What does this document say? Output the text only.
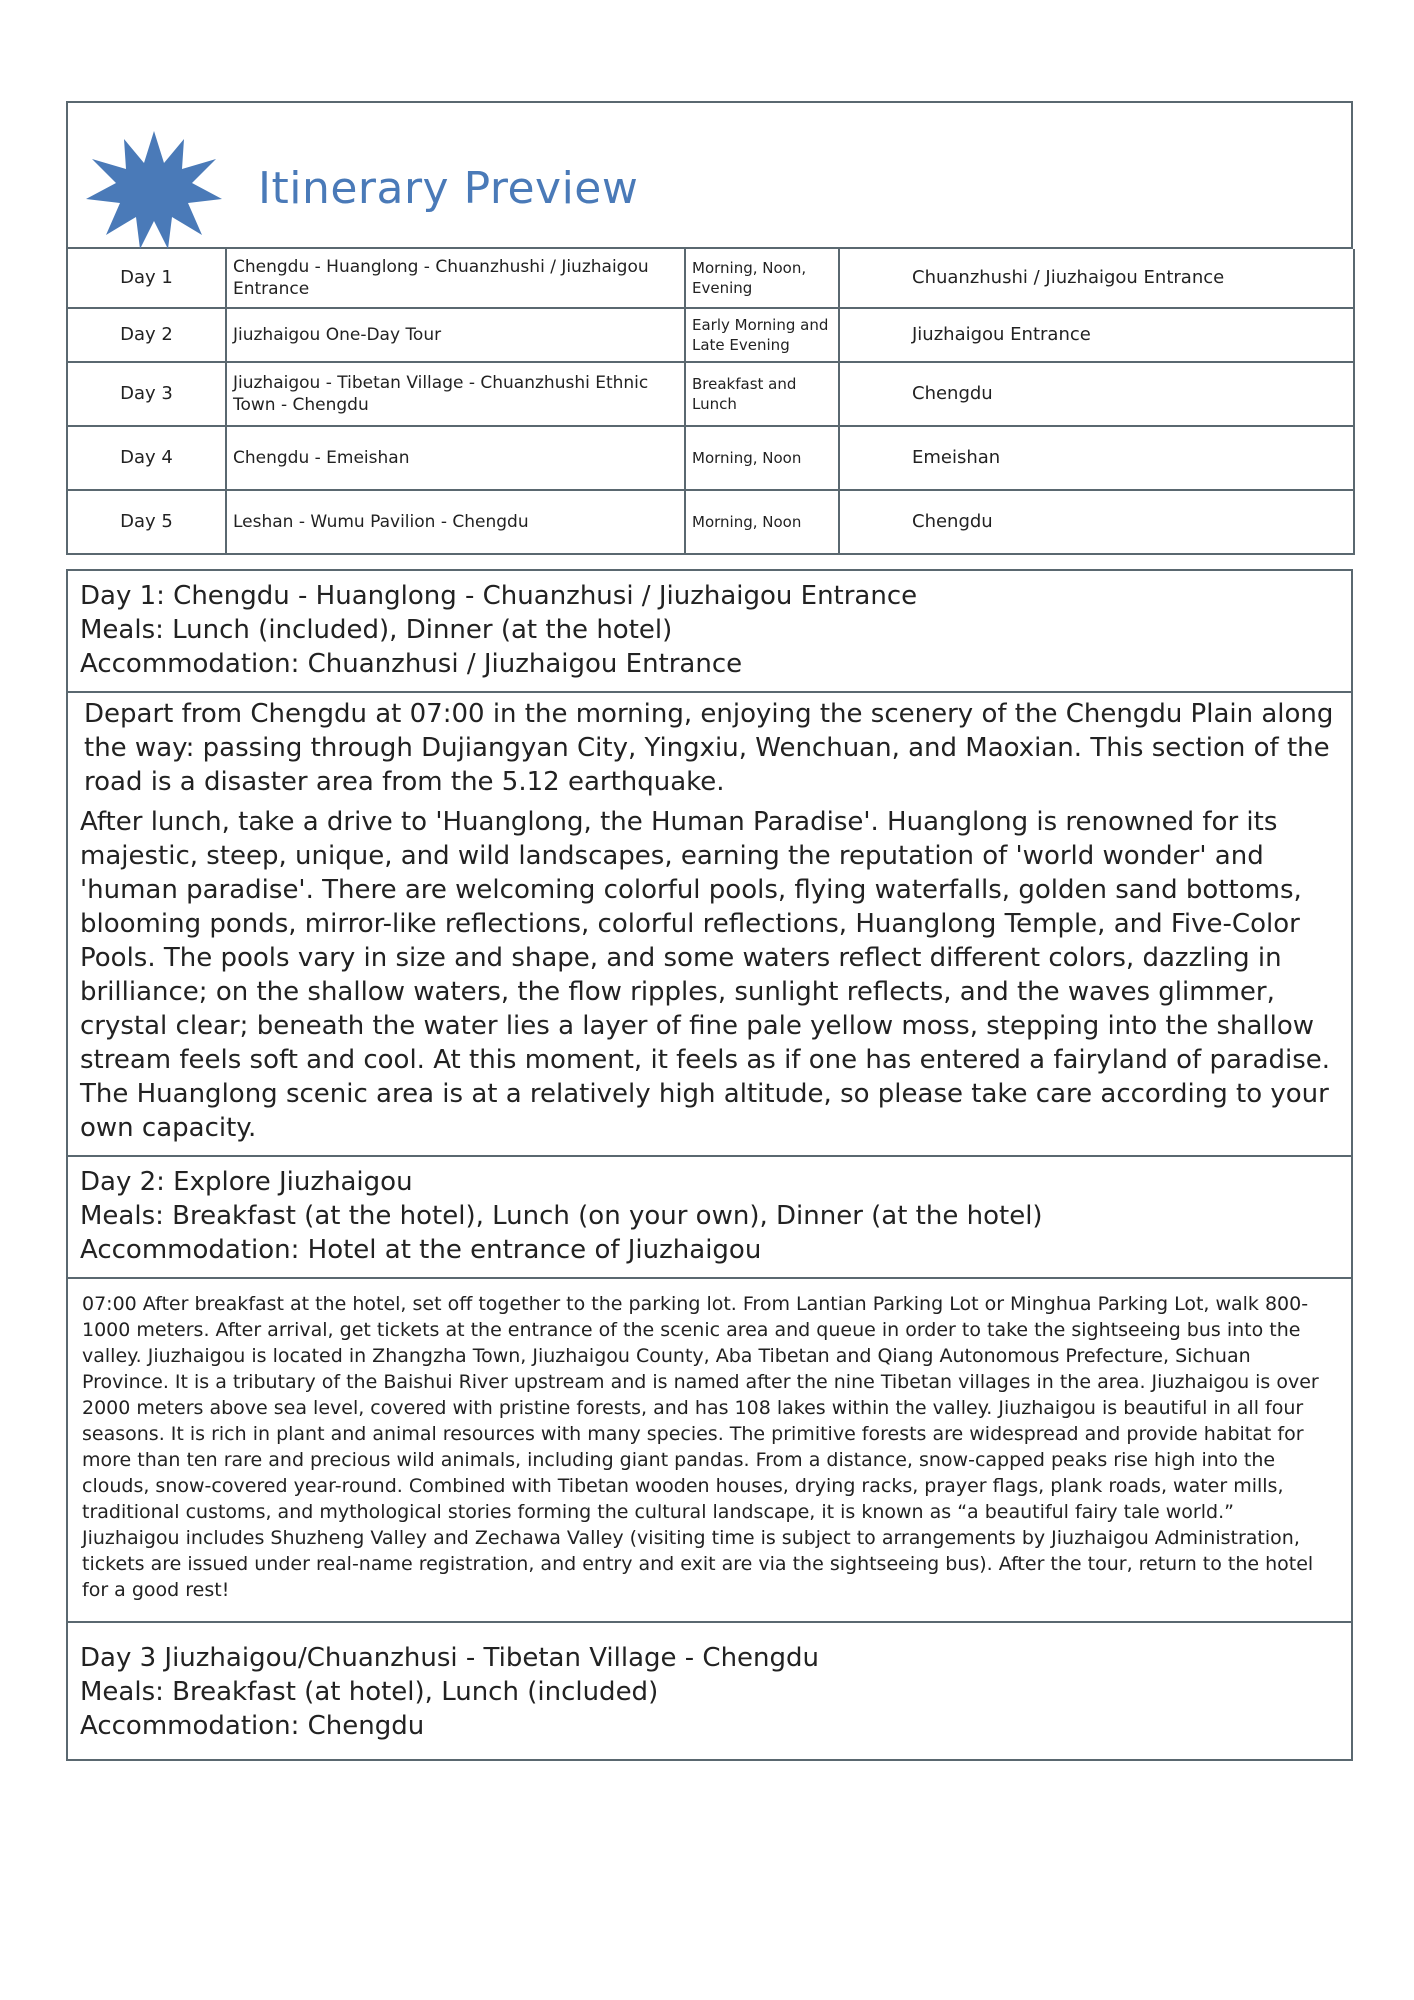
Itinerary Preview
Day 1	Chengdu - Huanglong - Chuanzhushi / Jiuzhaigou Entrance	Morning, Noon, Evening	Chuanzhushi / Jiuzhaigou Entrance
Day 2	Jiuzhaigou One-Day Tour	Early Morning and Late Evening	Jiuzhaigou Entrance
Day 3	Jiuzhaigou - Tibetan Village - Chuanzhushi Ethnic Town - Chengdu	Breakfast and Lunch	Chengdu
Day 4	Chengdu - Emeishan	Morning, Noon	Emeishan
Day 5	Leshan - Wumu Pavilion - Chengdu	Morning, Noon	Chengdu
Day 1: Chengdu - Huanglong - Chuanzhusi / Jiuzhaigou Entrance
Meals: Lunch (included), Dinner (at the hotel)
Accommodation: Chuanzhusi / Jiuzhaigou Entrance

Depart from Chengdu at 07:00 in the morning, enjoying the scenery of the Chengdu Plain along the way: passing through Dujiangyan City, Yingxiu, Wenchuan, and Maoxian. This section of the road is a disaster area from the 5.12 earthquake.

After lunch, take a drive to 'Huanglong, the Human Paradise'. Huanglong is renowned for its majestic, steep, unique, and wild landscapes, earning the reputation of 'world wonder' and 'human paradise'. There are welcoming colorful pools, flying waterfalls, golden sand bottoms, blooming ponds, mirror-like reflections, colorful reflections, Huanglong Temple, and Five-Color Pools. The pools vary in size and shape, and some waters reflect different colors, dazzling in brilliance; on the shallow waters, the flow ripples, sunlight reflects, and the waves glimmer, crystal clear; beneath the water lies a layer of fine pale yellow moss, stepping into the shallow stream feels soft and cool. At this moment, it feels as if one has entered a fairyland of paradise. The Huanglong scenic area is at a relatively high altitude, so please take care according to your own capacity.

Day 2: Explore Jiuzhaigou
Meals: Breakfast (at the hotel), Lunch (on your own), Dinner (at the hotel)
Accommodation: Hotel at the entrance of Jiuzhaigou
07:00 After breakfast at the hotel, set off together to the parking lot. From Lantian Parking Lot or Minghua Parking Lot, walk 800-1000 meters. After arrival, get tickets at the entrance of the scenic area and queue in order to take the sightseeing bus into the valley. Jiuzhaigou is located in Zhangzha Town, Jiuzhaigou County, Aba Tibetan and Qiang Autonomous Prefecture, Sichuan Province. It is a tributary of the Baishui River upstream and is named after the nine Tibetan villages in the area. Jiuzhaigou is over 2000 meters above sea level, covered with pristine forests, and has 108 lakes within the valley. Jiuzhaigou is beautiful in all four seasons. It is rich in plant and animal resources with many species. The primitive forests are widespread and provide habitat for more than ten rare and precious wild animals, including giant pandas. From a distance, snow-capped peaks rise high into the clouds, snow-covered year-round. Combined with Tibetan wooden houses, drying racks, prayer flags, plank roads, water mills, traditional customs, and mythological stories forming the cultural landscape, it is known as “a beautiful fairy tale world.” Jiuzhaigou includes Shuzheng Valley and Zechawa Valley (visiting time is subject to arrangements by Jiuzhaigou Administration, tickets are issued under real-name registration, and entry and exit are via the sightseeing bus). After the tour, return to the hotel for a good rest!
Day 3 Jiuzhaigou/Chuanzhusi - Tibetan Village - Chengdu
Meals: Breakfast (at hotel), Lunch (included)
Accommodation: Chengdu
